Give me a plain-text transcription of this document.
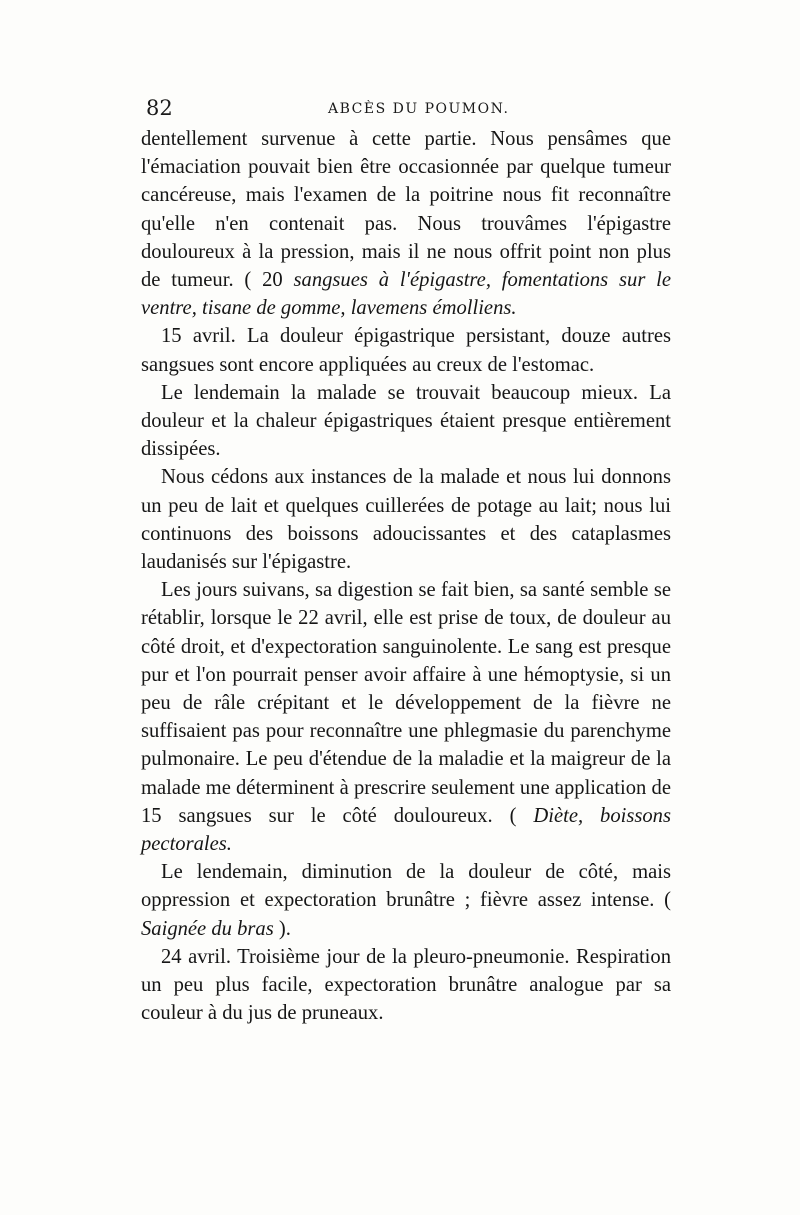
82	ABCÈS DU POUMON.

dentellement survenue à cette partie. Nous pensâmes que l'émaciation pouvait bien être occasionnée par quelque tumeur cancéreuse, mais l'examen de la poitrine nous fit reconnaître qu'elle n'en contenait pas. Nous trouvâmes l'épigastre douloureux à la pression, mais il ne nous offrit point non plus de tumeur. ( 20 sangsues à l'épigastre, fomentations sur le ventre, tisane de gomme, lavemens émolliens.

15 avril. La douleur épigastrique persistant, douze autres sangsues sont encore appliquées au creux de l'estomac.

Le lendemain la malade se trouvait beaucoup mieux. La douleur et la chaleur épigastriques étaient presque entièrement dissipées.

Nous cédons aux instances de la malade et nous lui donnons un peu de lait et quelques cuillerées de potage au lait; nous lui continuons des boissons adoucissantes et des cataplasmes laudanisés sur l'épigastre.

Les jours suivans, sa digestion se fait bien, sa santé semble se rétablir, lorsque le 22 avril, elle est prise de toux, de douleur au côté droit, et d'expectoration sanguinolente. Le sang est presque pur et l'on pourrait penser avoir affaire à une hémoptysie, si un peu de râle crépitant et le développement de la fièvre ne suffisaient pas pour reconnaître une phlegmasie du parenchyme pulmonaire. Le peu d'étendue de la maladie et la maigreur de la malade me déterminent à prescrire seulement une application de 15 sangsues sur le côté douloureux. ( Diète, boissons pectorales.

Le lendemain, diminution de la douleur de côté, mais oppression et expectoration brunâtre ; fièvre assez intense. ( Saignée du bras ).

24 avril. Troisième jour de la pleuro-pneumonie. Respiration un peu plus facile, expectoration brunâtre analogue par sa couleur à du jus de pruneaux.
